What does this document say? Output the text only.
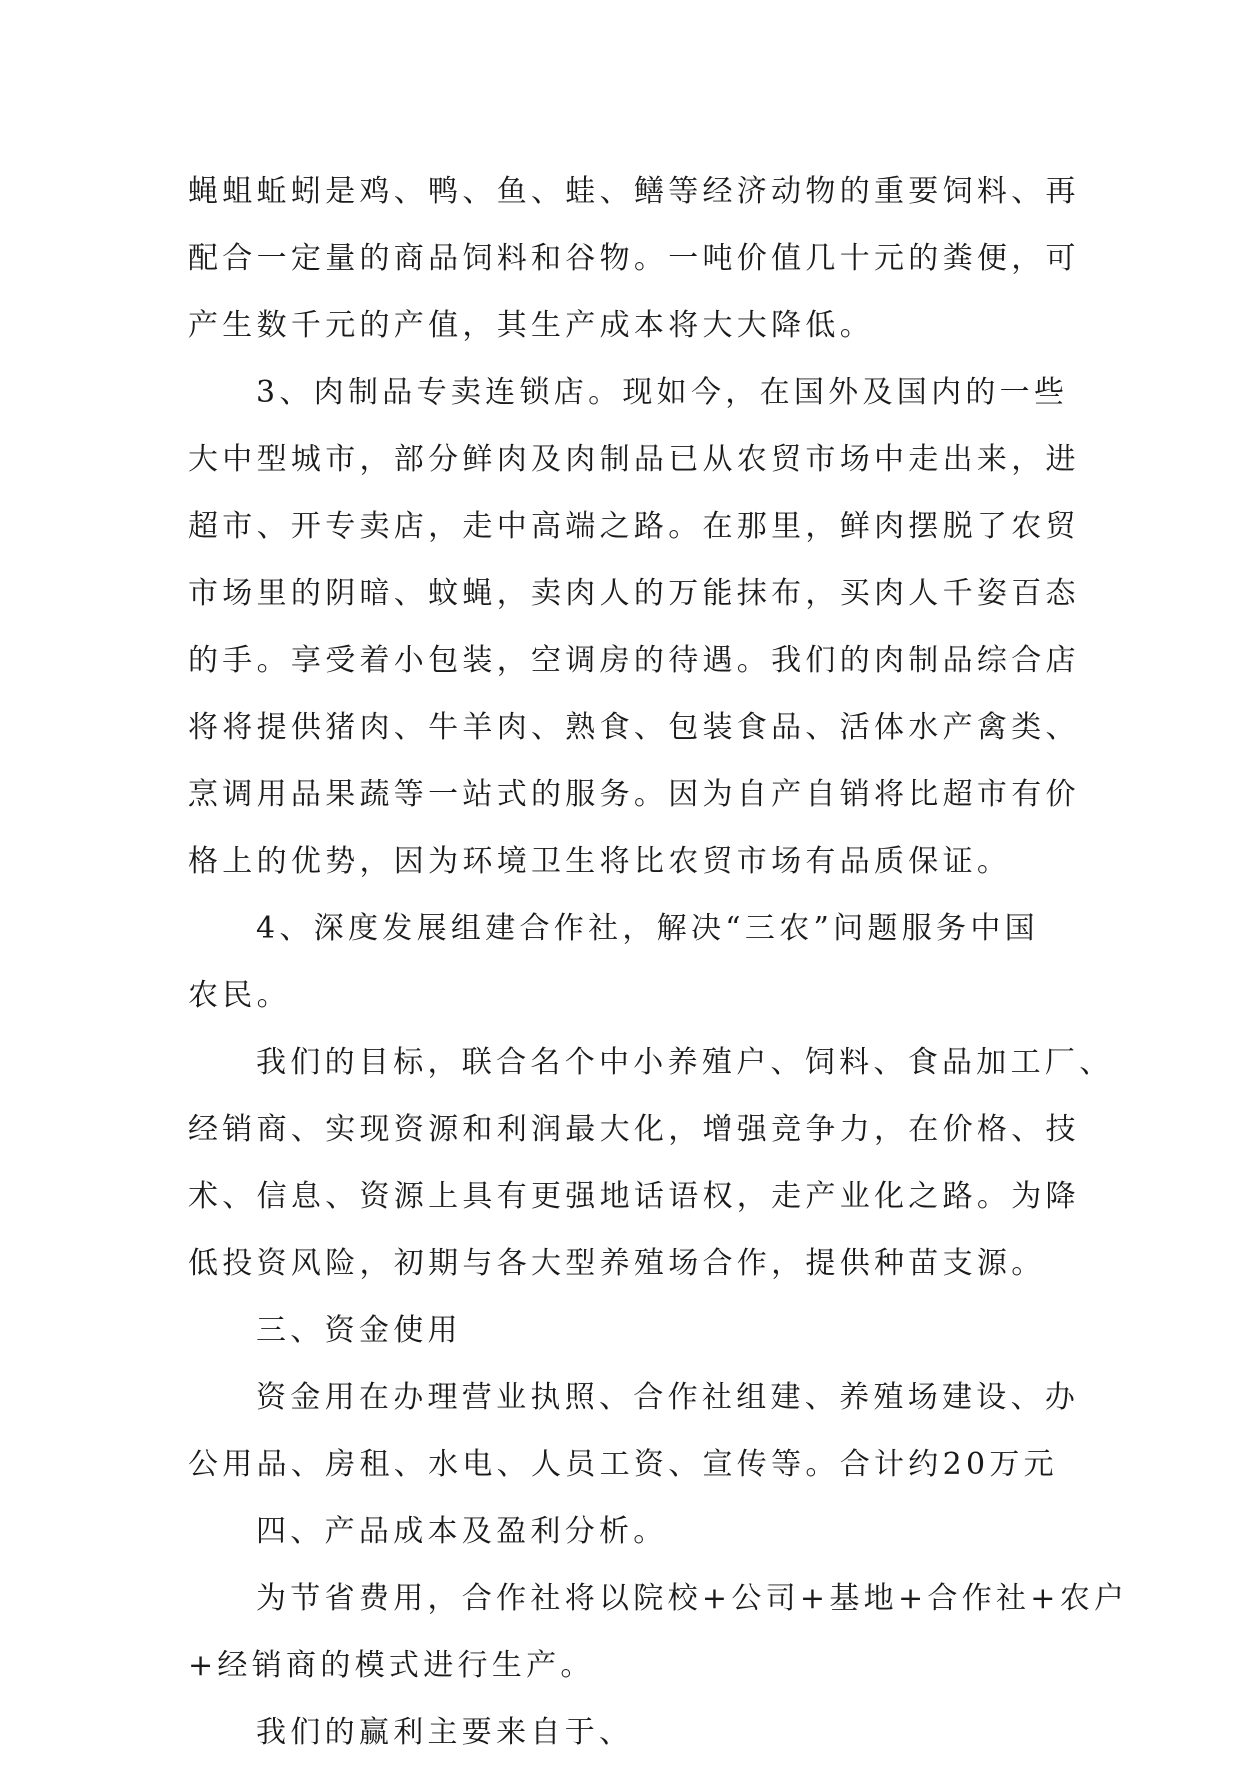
蝇蛆蚯蚓是鸡、鸭、鱼、蛙、鳝等经济动物的重要饲料、再
配合一定量的商品饲料和谷物。一吨价值几十元的粪便，可
产生数千元的产值，其生产成本将大大降低。
3、肉制品专卖连锁店。现如今，在国外及国内的一些
大中型城市，部分鲜肉及肉制品已从农贸市场中走出来，进
超市、开专卖店，走中高端之路。在那里，鲜肉摆脱了农贸
市场里的阴暗、蚊蝇，卖肉人的万能抹布，买肉人千姿百态
的手。享受着小包装，空调房的待遇。我们的肉制品综合店
将将提供猪肉、牛羊肉、熟食、包装食品、活体水产禽类、
烹调用品果蔬等一站式的服务。因为自产自销将比超市有价
格上的优势，因为环境卫生将比农贸市场有品质保证。
4、深度发展组建合作社，解决“三农”问题服务中国
农民。
我们的目标，联合名个中小养殖户、饲料、食品加工厂、
经销商、实现资源和利润最大化，增强竞争力，在价格、技
术、信息、资源上具有更强地话语权，走产业化之路。为降
低投资风险，初期与各大型养殖场合作，提供种苗支源。
三、资金使用
资金用在办理营业执照、合作社组建、养殖场建设、办
公用品、房租、水电、人员工资、宣传等。合计约20万元
四、产品成本及盈利分析。
为节省费用，合作社将以院校+公司+基地+合作社+农户
+经销商的模式进行生产。
我们的赢利主要来自于、
